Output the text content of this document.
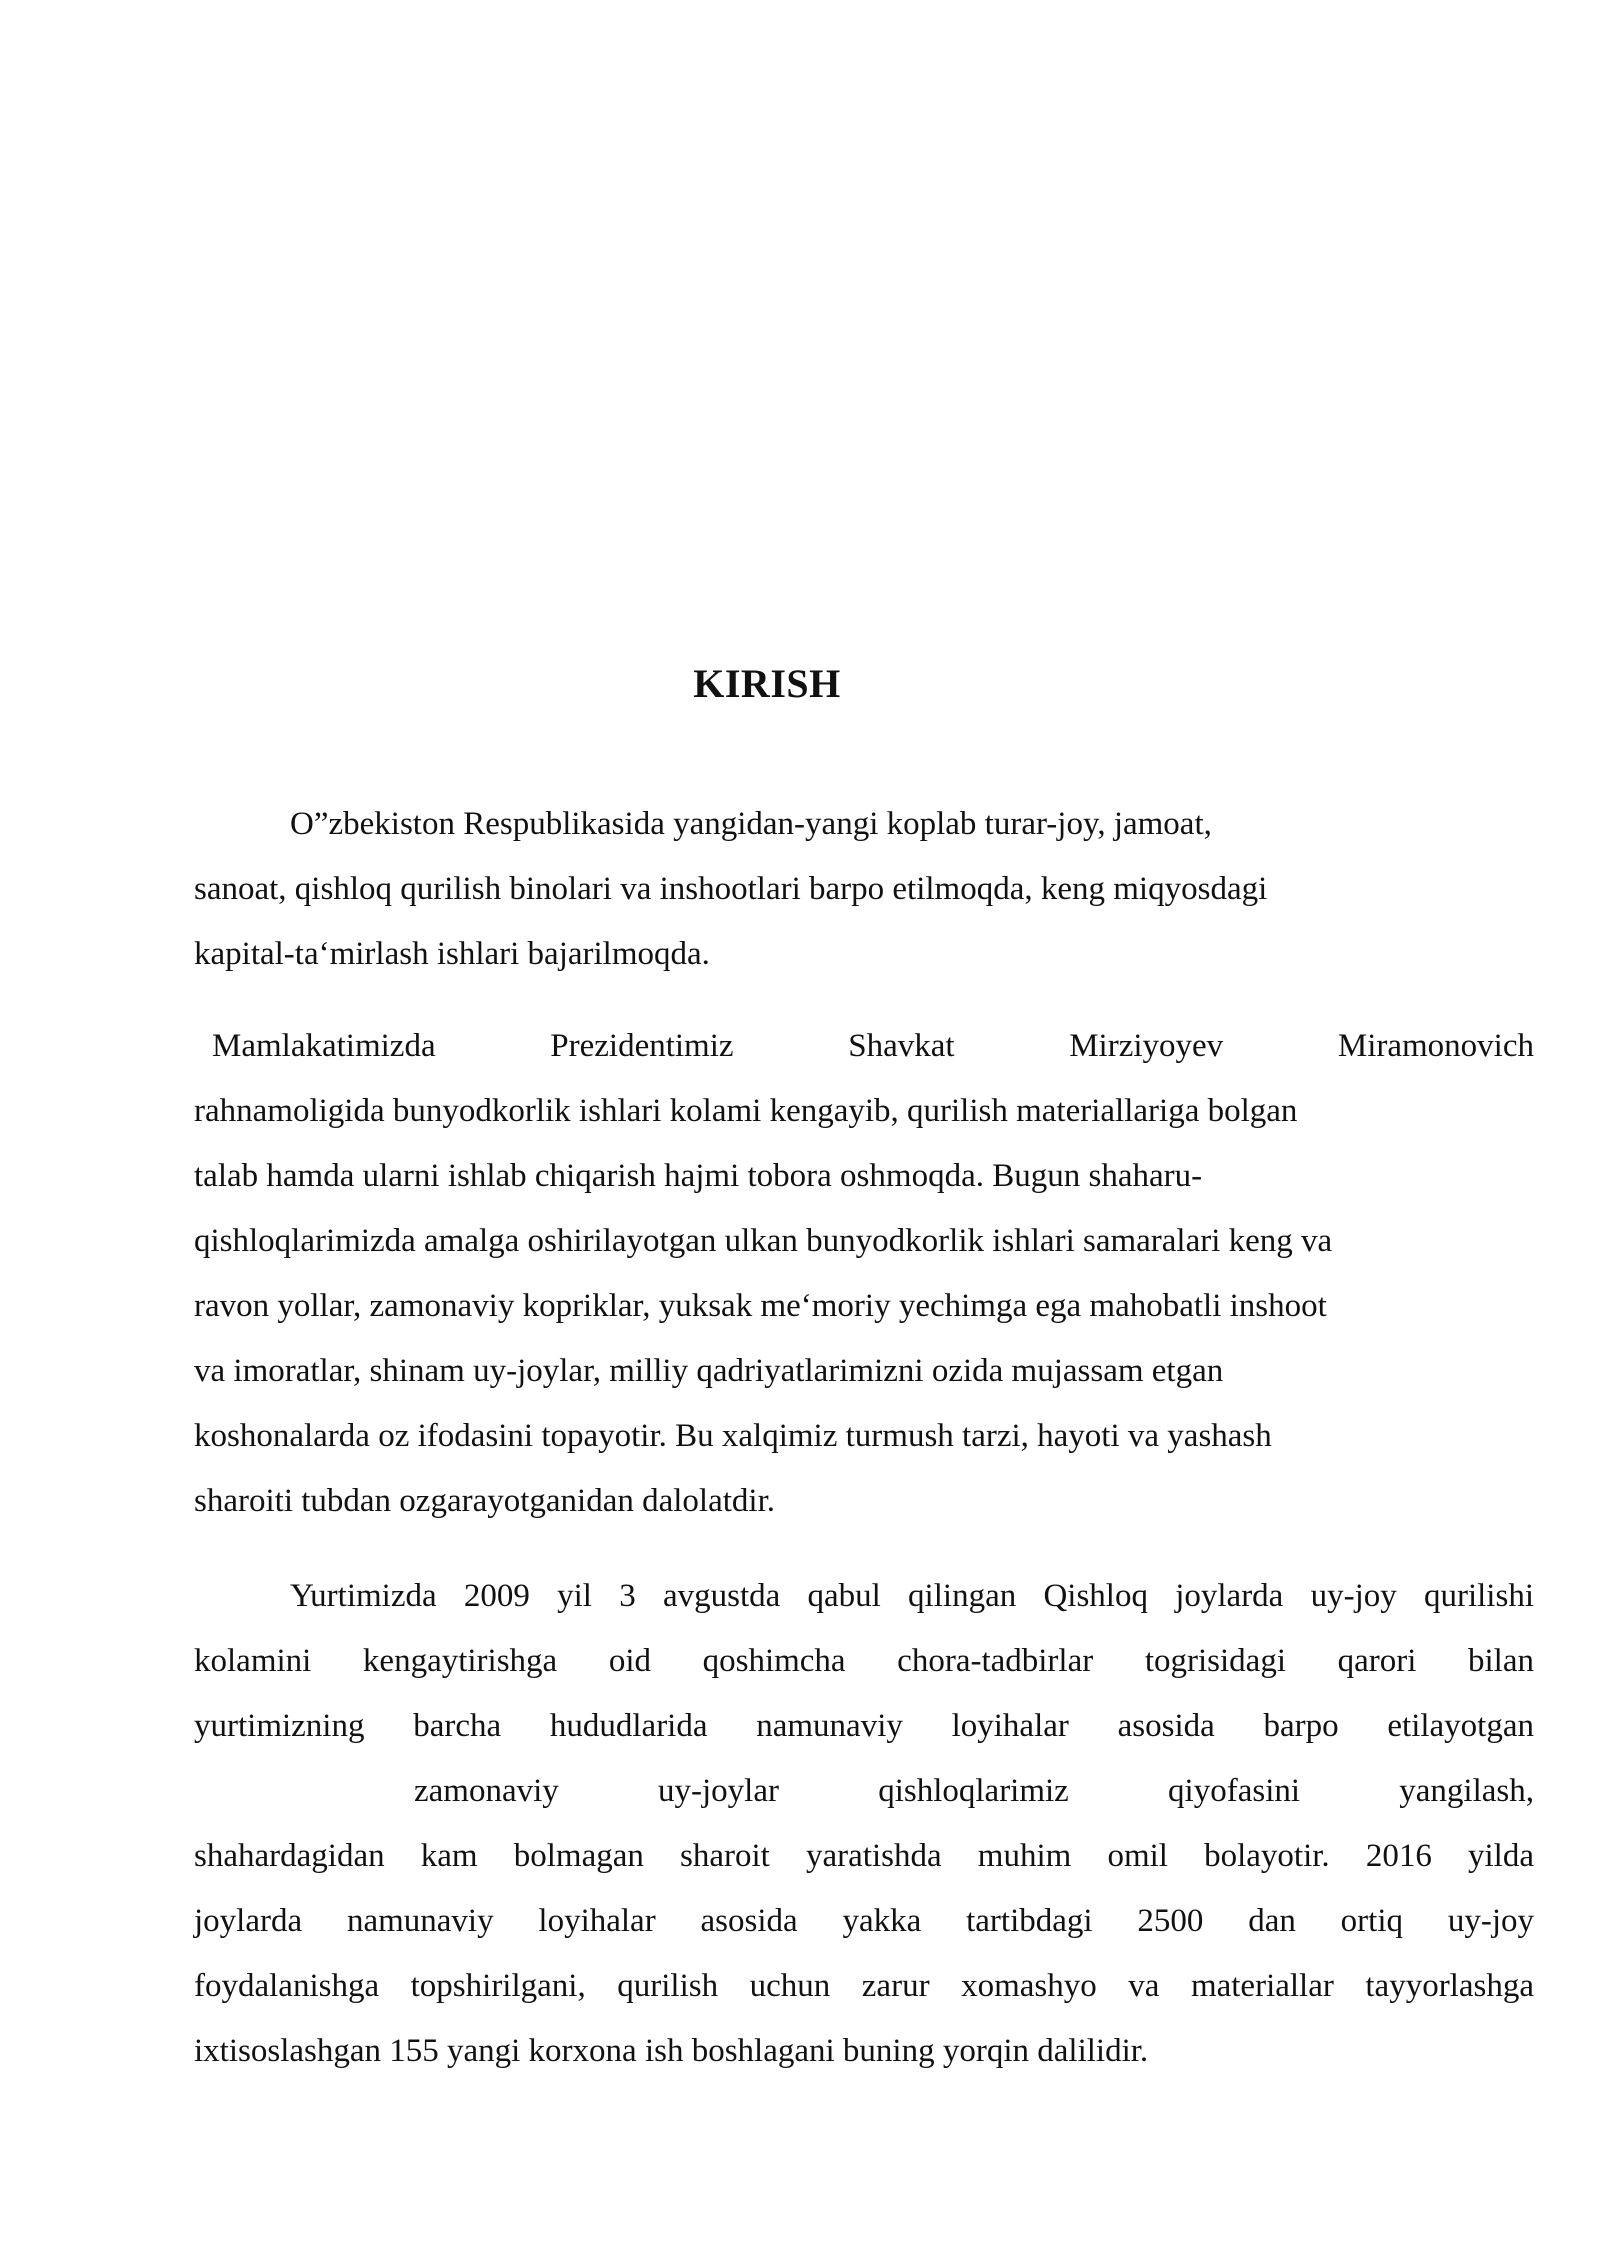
KIRISH

O”zbekiston Respublikasida yangidan-yangi koplab turar-joy, jamoat,
sanoat, qishloq qurilish binolari va inshootlari barpo etilmoqda, keng miqyosdagi
kapital-ta‘mirlash ishlari bajarilmoqda.

Mamlakatimizda Prezidentimiz Shavkat Mirziyoyev Miramonovich
rahnamoligida bunyodkorlik ishlari kolami kengayib, qurilish materiallariga bolgan
talab hamda ularni ishlab chiqarish hajmi tobora oshmoqda. Bugun shaharu-
qishloqlarimizda amalga oshirilayotgan ulkan bunyodkorlik ishlari samaralari keng va
ravon yollar, zamonaviy kopriklar, yuksak me‘moriy yechimga ega mahobatli inshoot
va imoratlar, shinam uy-joylar, milliy qadriyatlarimizni ozida mujassam etgan
koshonalarda oz ifodasini topayotir. Bu xalqimiz turmush tarzi, hayoti va yashash
sharoiti tubdan ozgarayotganidan dalolatdir.

Yurtimizda 2009 yil 3 avgustda qabul qilingan Qishloq joylarda uy-joy qurilishi
kolamini kengaytirishga oid qoshimcha chora-tadbirlar togrisidagi qarori bilan
yurtimizning barcha hududlarida namunaviy loyihalar asosida barpo etilayotgan
zamonaviy uy-joylar qishloqlarimiz qiyofasini yangilash,
shahardagidan kam bolmagan sharoit yaratishda muhim omil bolayotir. 2016 yilda
joylarda namunaviy loyihalar asosida yakka tartibdagi 2500 dan ortiq uy-joy
foydalanishga topshirilgani, qurilish uchun zarur xomashyo va materiallar tayyorlashga
ixtisoslashgan 155 yangi korxona ish boshlagani buning yorqin dalilidir.
